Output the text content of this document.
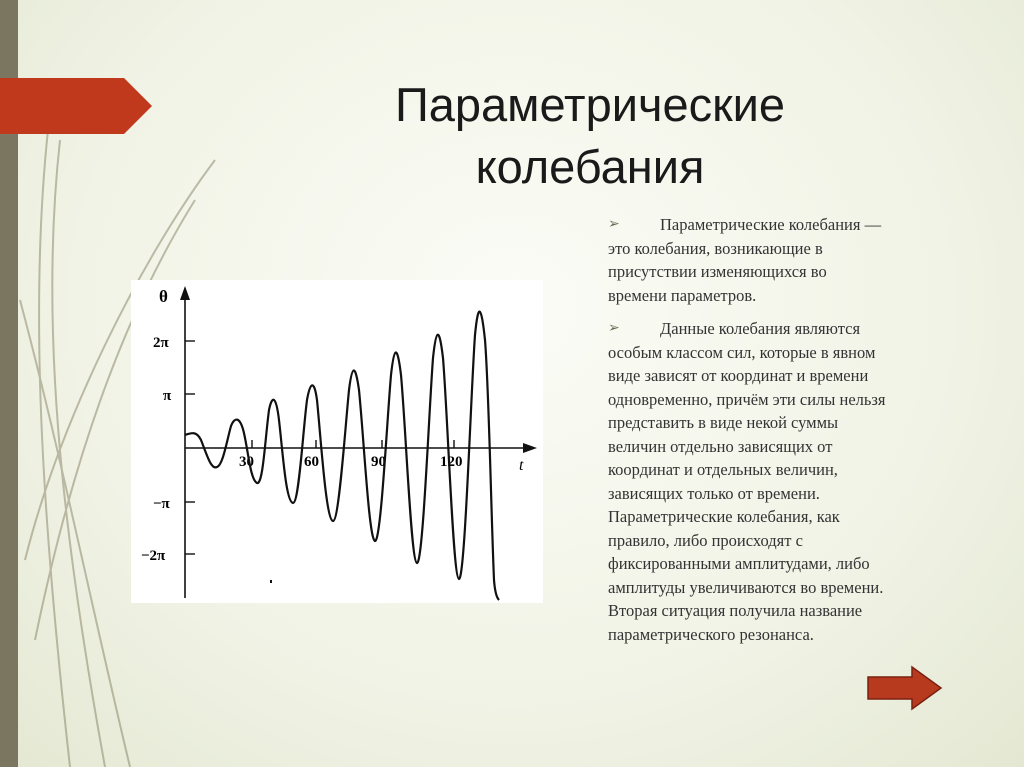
Параметрические
колебания
➢	Параметрические колебания —
это колебания, возникающие в
присутствии изменяющихся во
времени параметров.
➢	Данные колебания являются
особым классом сил, которые в явном
виде зависят от координат и времени
одновременно, причём эти силы нельзя
представить в виде некой суммы
величин отдельно зависящих от
координат и отдельных величин,
зависящих только от времени.
Параметрические колебания, как
правило, либо происходят с
фиксированными амплитудами, либо
амплитуды увеличиваются во времени.
Вторая ситуация получила название
параметрического резонанса.
θ
t
2π
π
−π
−2π
30	60	90	120
